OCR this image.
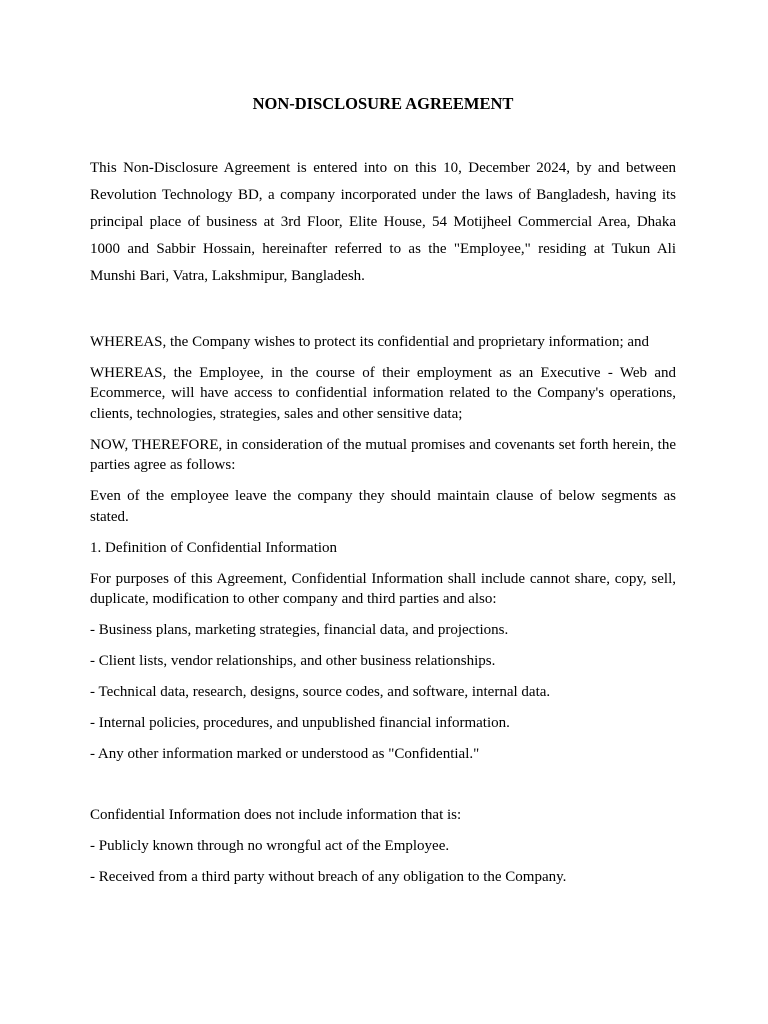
NON-DISCLOSURE AGREEMENT

This Non-Disclosure Agreement is entered into on this 10, December 2024, by and between Revolution Technology BD, a company incorporated under the laws of Bangladesh, having its principal place of business at 3rd Floor, Elite House, 54 Motijheel Commercial Area, Dhaka 1000 and Sabbir Hossain, hereinafter referred to as the "Employee," residing at Tukun Ali Munshi Bari, Vatra, Lakshmipur, Bangladesh.

WHEREAS, the Company wishes to protect its confidential and proprietary information; and

WHEREAS, the Employee, in the course of their employment as an Executive - Web and Ecommerce, will have access to confidential information related to the Company's operations, clients, technologies, strategies, sales and other sensitive data;

NOW, THEREFORE, in consideration of the mutual promises and covenants set forth herein, the parties agree as follows:

Even of the employee leave the company they should maintain clause of below segments as stated.

1. Definition of Confidential Information

For purposes of this Agreement, Confidential Information shall include cannot share, copy, sell, duplicate, modification to other company and third parties and also:

- Business plans, marketing strategies, financial data, and projections.

- Client lists, vendor relationships, and other business relationships.

- Technical data, research, designs, source codes, and software, internal data.

- Internal policies, procedures, and unpublished financial information.

- Any other information marked or understood as "Confidential."

Confidential Information does not include information that is:

- Publicly known through no wrongful act of the Employee.

- Received from a third party without breach of any obligation to the Company.
